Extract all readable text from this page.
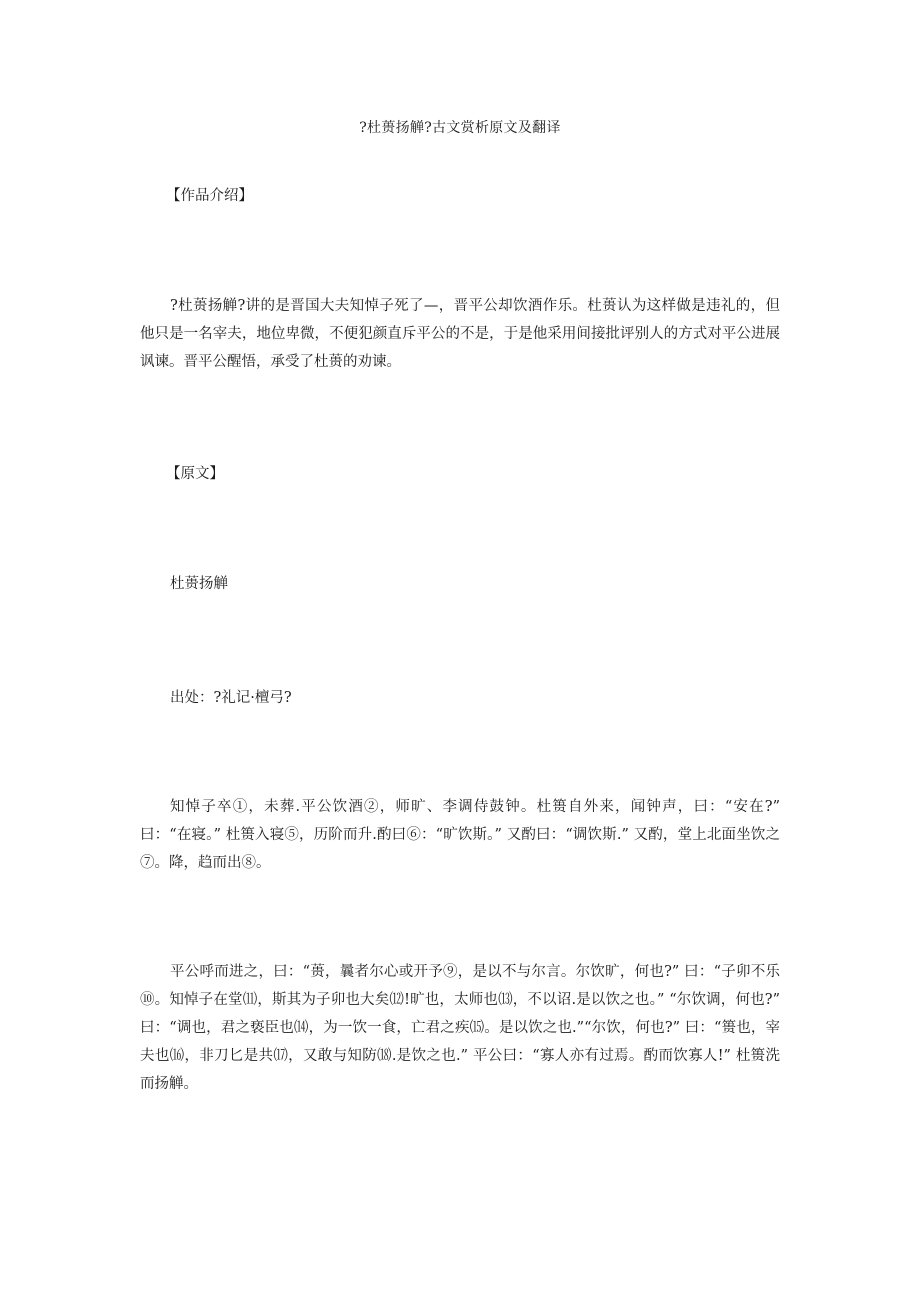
?杜蒉扬觯?古文赏析原文及翻译
【作品介绍】

?杜蒉扬觯?讲的是晋国大夫知悼子死了—，晋平公却饮酒作乐。杜蒉认为这样做是违礼的，但他只是一名宰夫，地位卑微，不便犯颜直斥平公的不是，于是他采用间接批评别人的方式对平公进展讽谏。晋平公醒悟，承受了杜蒉的劝谏。

【原文】
杜蒉扬觯
出处：?礼记·檀弓?

知悼子卒①，未葬.平公饮酒②，师旷、李调侍鼓钟。杜篑自外来，闻钟声，曰：“安在?” 曰：“在寝。” 杜篑入寝⑤，历阶而升.酌曰⑥：“旷饮斯。” 又酌曰：“调饮斯.” 又酌，堂上北面坐饮之⑦。降，趋而出⑧。

平公呼而进之，曰：“蒉，曩者尔心或开予⑨，是以不与尔言。尔饮旷，何也?” 曰：“子卯不乐⑩。知悼子在堂⑾，斯其为子卯也大矣⑿!旷也，太师也⒀，不以诏.是以饮之也。” “尔饮调，何也?” 曰：“调也，君之亵臣也⒁，为一饮一食，亡君之疾⒂。是以饮之也.”“尔饮，何也?” 曰：“篑也，宰夫也⒃，非刀匕是共⒄，又敢与知防⒅.是饮之也.” 平公曰：“寡人亦有过焉。酌而饮寡人!” 杜篑洗而扬觯。
